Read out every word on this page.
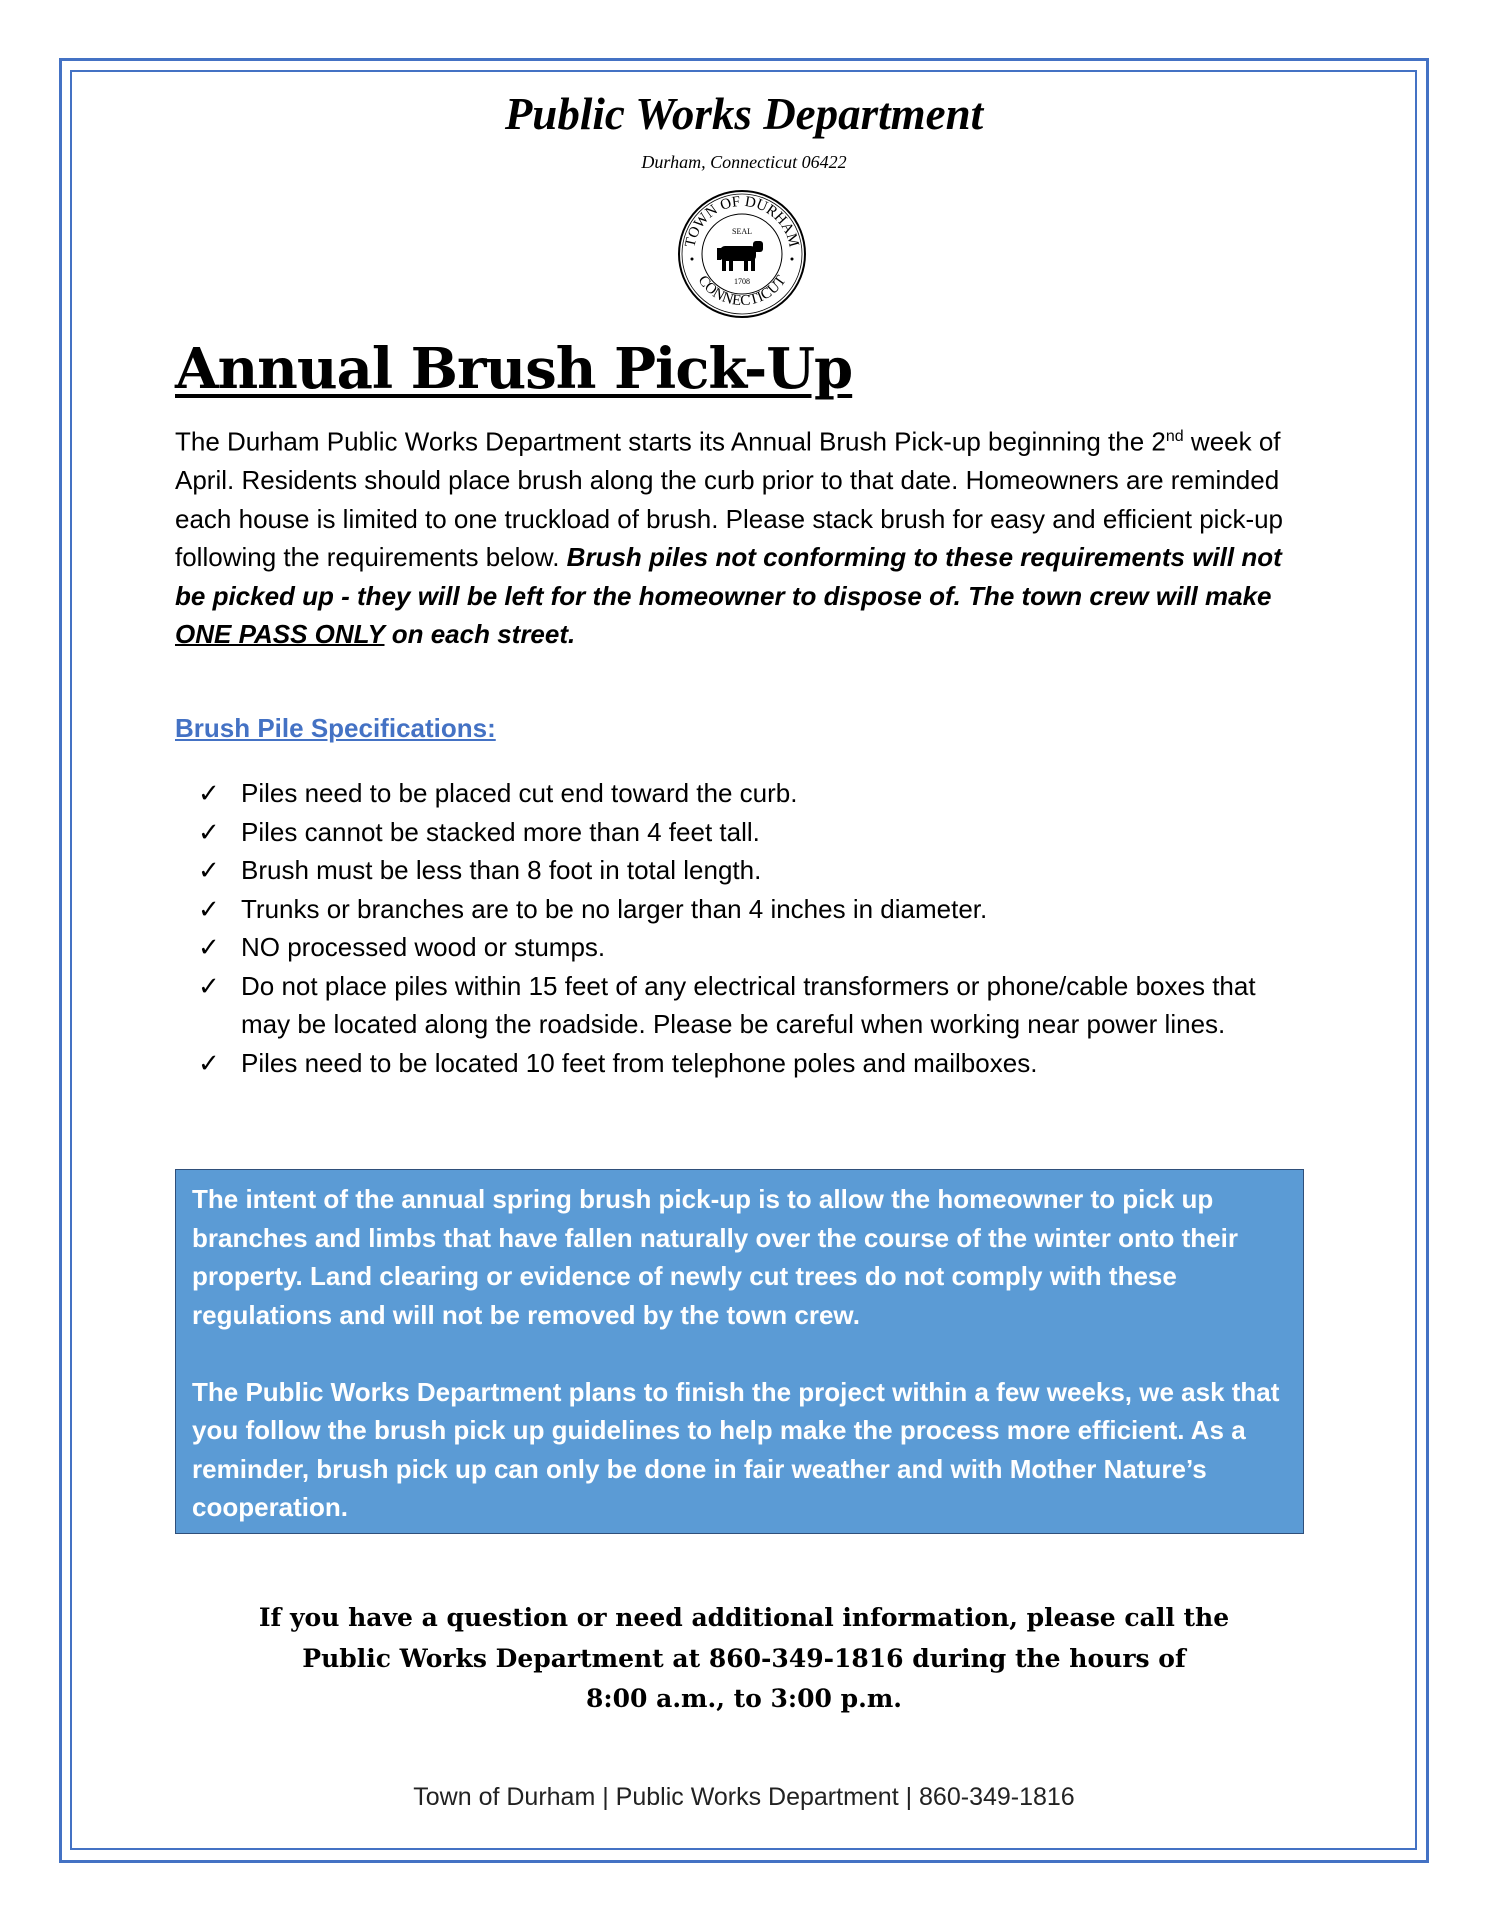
Public Works Department
Durham, Connecticut 06422
TOWN OF DURHAM
CONNECTICUT
SEAL
1708
Annual Brush Pick-Up
The Durham Public Works Department starts its Annual Brush Pick-up beginning the 2nd week of April. Residents should place brush along the curb prior to that date. Homeowners are reminded each house is limited to one truckload of brush. Please stack brush for easy and efficient pick-up following the requirements below. Brush piles not conforming to these requirements will not be picked up - they will be left for the homeowner to dispose of. The town crew will make ONE PASS ONLY on each street.
Brush Pile Specifications:
✓ Piles need to be placed cut end toward the curb.
✓ Piles cannot be stacked more than 4 feet tall.
✓ Brush must be less than 8 foot in total length.
✓ Trunks or branches are to be no larger than 4 inches in diameter.
✓ NO processed wood or stumps.
✓ Do not place piles within 15 feet of any electrical transformers or phone/cable boxes that may be located along the roadside. Please be careful when working near power lines.
✓ Piles need to be located 10 feet from telephone poles and mailboxes.

The intent of the annual spring brush pick-up is to allow the homeowner to pick up branches and limbs that have fallen naturally over the course of the winter onto their property. Land clearing or evidence of newly cut trees do not comply with these regulations and will not be removed by the town crew.

The Public Works Department plans to finish the project within a few weeks, we ask that you follow the brush pick up guidelines to help make the process more efficient. As a reminder, brush pick up can only be done in fair weather and with Mother Nature’s cooperation.

If you have a question or need additional information, please call the
Public Works Department at 860-349-1816 during the hours of
8:00 a.m., to 3:00 p.m.
Town of Durham | Public Works Department | 860-349-1816
